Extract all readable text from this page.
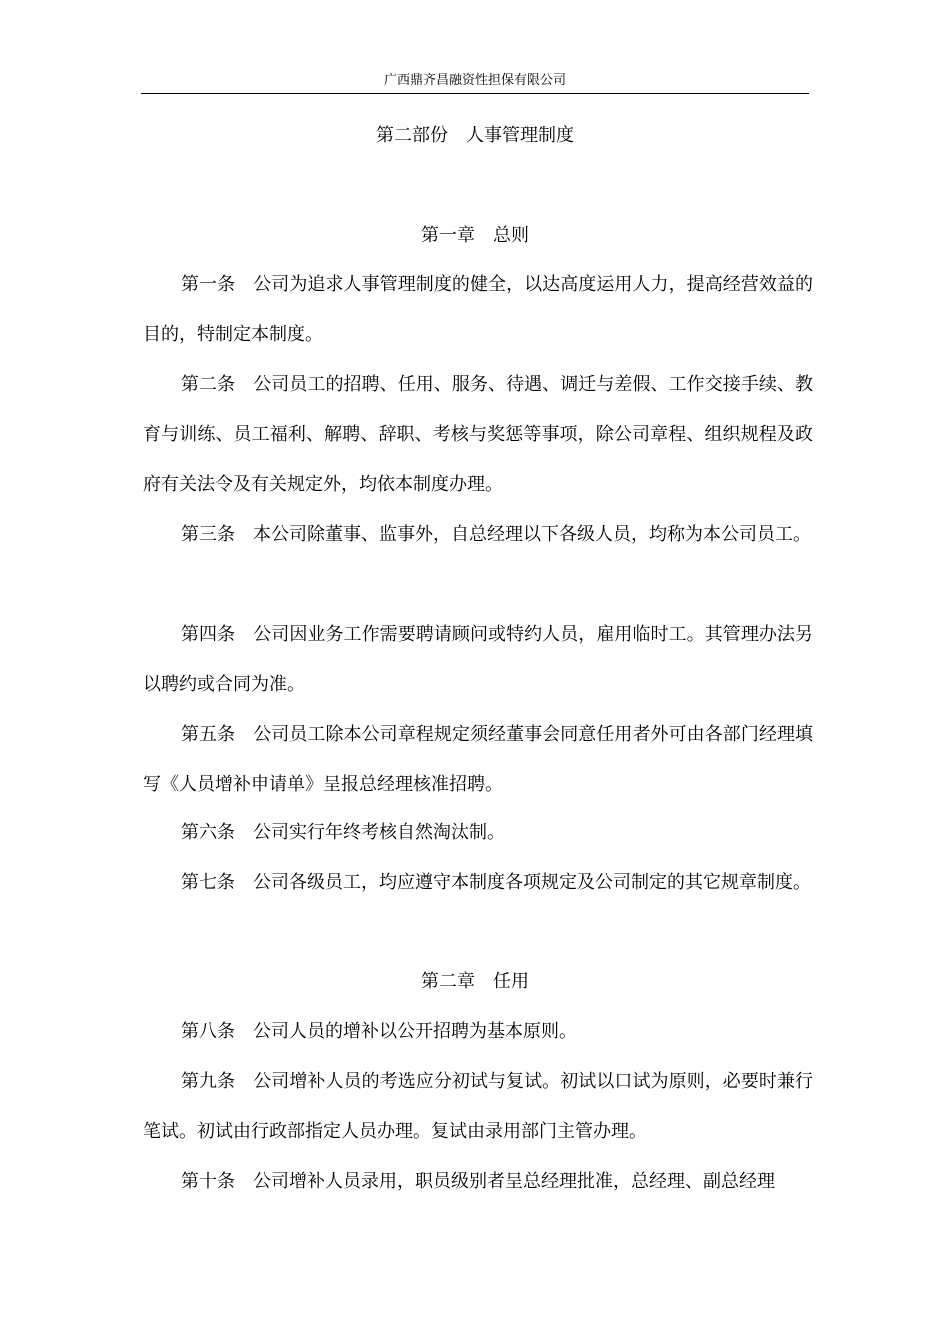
广西鼎齐昌融资性担保有限公司
第二部份　人事管理制度
第一章　总则
第一条 公司为追求人事管理制度的健全，以达高度运用人力，提高经营效益的目的，特制定本制度。
第二条 公司员工的招聘、任用、服务、待遇、调迁与差假、工作交接手续、教育与训练、员工福利、解聘、辞职、考核与奖惩等事项，除公司章程、组织规程及政府有关法令及有关规定外，均依本制度办理。
第三条 本公司除董事、监事外，自总经理以下各级人员，均称为本公司员工。
第四条 公司因业务工作需要聘请顾问或特约人员，雇用临时工。其管理办法另以聘约或合同为准。
第五条 公司员工除本公司章程规定须经董事会同意任用者外可由各部门经理填写《人员增补申请单》呈报总经理核准招聘。
第六条 公司实行年终考核自然淘汰制。
第七条 公司各级员工，均应遵守本制度各项规定及公司制定的其它规章制度。
第二章　任用
第八条 公司人员的增补以公开招聘为基本原则。
第九条 公司增补人员的考选应分初试与复试。初试以口试为原则，必要时兼行笔试。初试由行政部指定人员办理。复试由录用部门主管办理。
第十条 公司增补人员录用，职员级别者呈总经理批准，总经理、副总经理
